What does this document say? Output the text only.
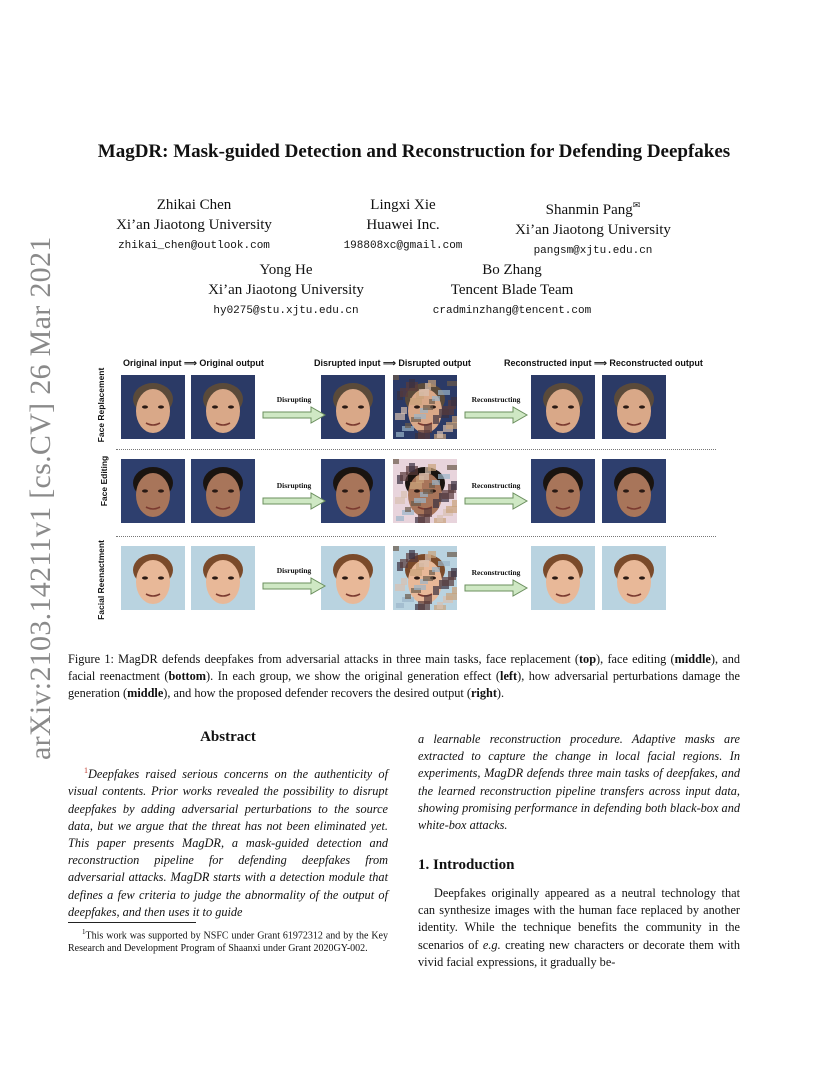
arXiv:2103.14211v1 [cs.CV] 26 Mar 2021
MagDR: Mask-guided Detection and Reconstruction for Defending Deepfakes
Zhikai Chen
Xi’an Jiaotong University
zhikai_chen@outlook.com
Lingxi Xie
Huawei Inc.
198808xc@gmail.com
Shanmin Pang✉
Xi’an Jiaotong University
pangsm@xjtu.edu.cn
Yong He
Xi’an Jiaotong University
hy0275@stu.xjtu.edu.cn
Bo Zhang
Tencent Blade Team
cradminzhang@tencent.com
Original input ⟹ Original output	Disrupted input ⟹ Disrupted output	Reconstructed input ⟹ Reconstructed output
Face Replacement
Face Editing
Facial Reenactment
Disrupting	Reconstructing
Disrupting	Reconstructing
Disrupting	Reconstructing
Figure 1: MagDR defends deepfakes from adversarial attacks in three main tasks, face replacement (top), face editing (middle), and facial reenactment (bottom). In each group, we show the original generation effect (left), how adversarial perturbations damage the generation (middle), and how the proposed defender recovers the desired output (right).
Abstract
$^1$Deepfakes raised serious concerns on the authenticity of visual contents. Prior works revealed the possibility to disrupt deepfakes by adding adversarial perturbations to the source data, but we argue that the threat has not been eliminated yet. This paper presents MagDR, a mask-guided detection and reconstruction pipeline for defending deepfakes from adversarial attacks. MagDR starts with a detection module that defines a few criteria to judge the abnormality of the output of deepfakes, and then uses it to guide
a learnable reconstruction procedure. Adaptive masks are extracted to capture the change in local facial regions. In experiments, MagDR defends three main tasks of deepfakes, and the learned reconstruction pipeline transfers across input data, showing promising performance in defending both black-box and white-box attacks.
$^1$This work was supported by NSFC under Grant 61972312 and by the Key Research and Development Program of Shaanxi under Grant 2020GY-002.
1. Introduction
Deepfakes originally appeared as a neutral technology that can synthesize images with the human face replaced by another identity. While the technique benefits the community in the scenarios of e.g. creating new characters or decorate them with vivid facial expressions, it gradually be-
